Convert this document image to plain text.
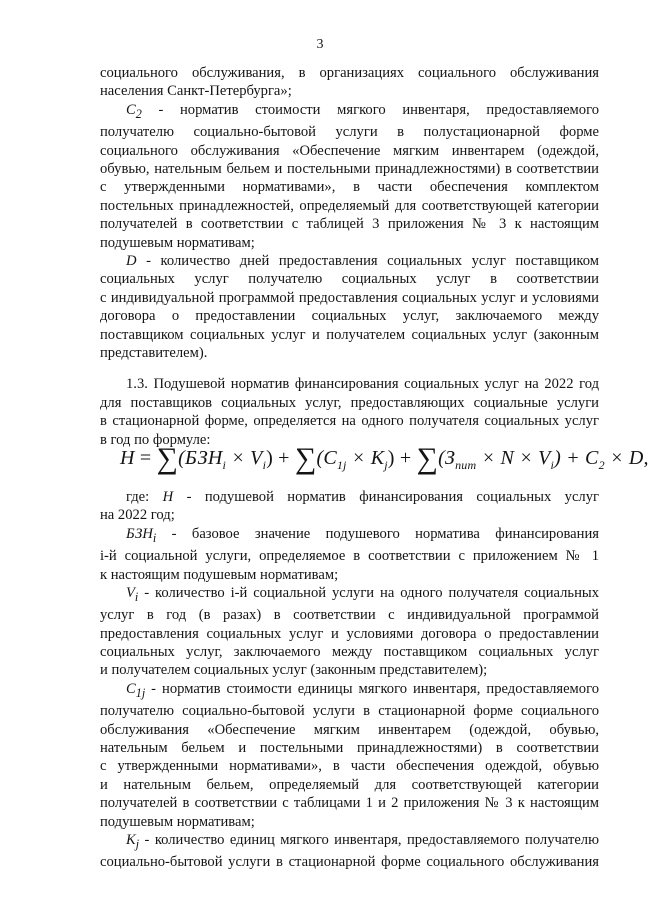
3

социального обслуживания, в организациях социального обслуживания

населения Санкт-Петербурга»;

$C_2$ - норматив стоимости мягкого инвентаря, предоставляемого

получателю социально-бытовой услуги в полустационарной форме

социального обслуживания «Обеспечение мягким инвентарем (одеждой,

обувью, нательным бельем и постельными принадлежностями) в соответствии

с утвержденными нормативами», в части обеспечения комплектом

постельных принадлежностей, определяемый для соответствующей категории

получателей в соответствии с таблицей 3 приложения № 3 к настоящим

подушевым нормативам;

D - количество дней предоставления социальных услуг поставщиком

социальных услуг получателю социальных услуг в соответствии

с индивидуальной программой предоставления социальных услуг и условиями

договора о предоставлении социальных услуг, заключаемого между

поставщиком социальных услуг и получателем социальных услуг (законным

представителем).

1.3. Подушевой норматив финансирования социальных услуг на 2022 год

для поставщиков социальных услуг, предоставляющих социальные услуги

в стационарной форме, определяется на одного получателя социальных услуг

в год по формуле:

$H = \sum(БЗН_i \times V_i) + \sum(C_{1j} \times K_j) + \sum(З_{пит} \times N \times V_i) + C_2 \times D$,

где: H - подушевой норматив финансирования социальных услуг

на 2022 год;

$БЗН_i$ - базовое значение подушевого норматива финансирования

i-й социальной услуги, определяемое в соответствии с приложением № 1

к настоящим подушевым нормативам;

$V_i$ - количество i-й социальной услуги на одного получателя социальных

услуг в год (в разах) в соответствии с индивидуальной программой

предоставления социальных услуг и условиями договора о предоставлении

социальных услуг, заключаемого между поставщиком социальных услуг

и получателем социальных услуг (законным представителем);

$C_{1j}$ - норматив стоимости единицы мягкого инвентаря, предоставляемого

получателю социально-бытовой услуги в стационарной форме социального

обслуживания «Обеспечение мягким инвентарем (одеждой, обувью,

нательным бельем и постельными принадлежностями) в соответствии

с утвержденными нормативами», в части обеспечения одеждой, обувью

и нательным бельем, определяемый для соответствующей категории

получателей в соответствии с таблицами 1 и 2 приложения № 3 к настоящим

подушевым нормативам;

$K_j$ - количество единиц мягкого инвентаря, предоставляемого получателю

социально-бытовой услуги в стационарной форме социального обслуживания
